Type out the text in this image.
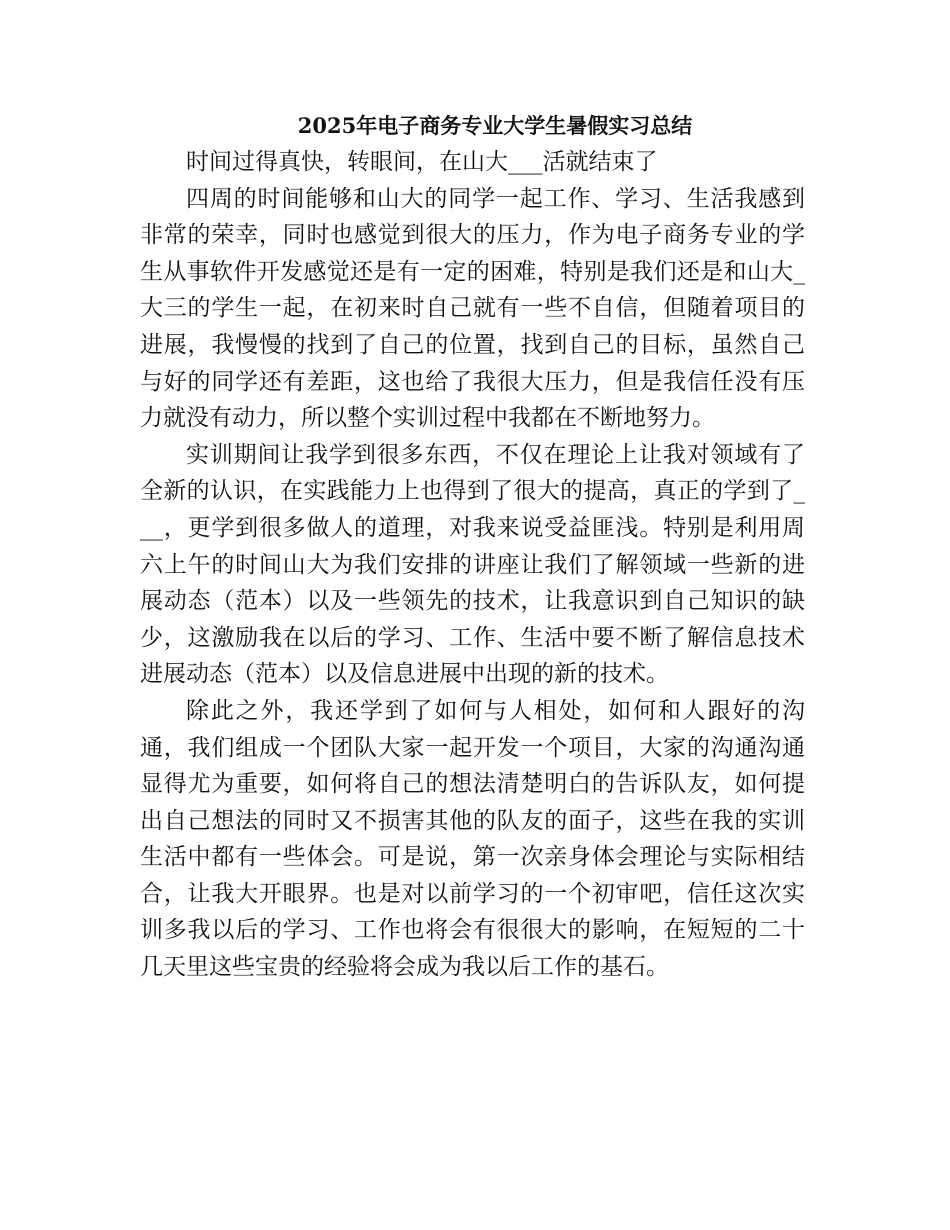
2025年电子商务专业大学生暑假实习总结

时间过得真快，转眼间，在山大___活就结束了

四周的时间能够和山大的同学一起工作、学习、生活我感到非常的荣幸，同时也感觉到很大的压力，作为电子商务专业的学生从事软件开发感觉还是有一定的困难，特别是我们还是和山大_大三的学生一起，在初来时自己就有一些不自信，但随着项目的进展，我慢慢的找到了自己的位置，找到自己的目标，虽然自己与好的同学还有差距，这也给了我很大压力，但是我信任没有压力就没有动力，所以整个实训过程中我都在不断地努力。

实训期间让我学到很多东西，不仅在理论上让我对领域有了全新的认识，在实践能力上也得到了很大的提高，真正的学到了___，更学到很多做人的道理，对我来说受益匪浅。特别是利用周六上午的时间山大为我们安排的讲座让我们了解领域一些新的进展动态（范本）以及一些领先的技术，让我意识到自己知识的缺少，这激励我在以后的学习、工作、生活中要不断了解信息技术进展动态（范本）以及信息进展中出现的新的技术。

除此之外，我还学到了如何与人相处，如何和人跟好的沟通，我们组成一个团队大家一起开发一个项目，大家的沟通沟通显得尤为重要，如何将自己的想法清楚明白的告诉队友，如何提出自己想法的同时又不损害其他的队友的面子，这些在我的实训生活中都有一些体会。可是说，第一次亲身体会理论与实际相结合，让我大开眼界。也是对以前学习的一个初审吧，信任这次实训多我以后的学习、工作也将会有很很大的影响，在短短的二十几天里这些宝贵的经验将会成为我以后工作的基石。
